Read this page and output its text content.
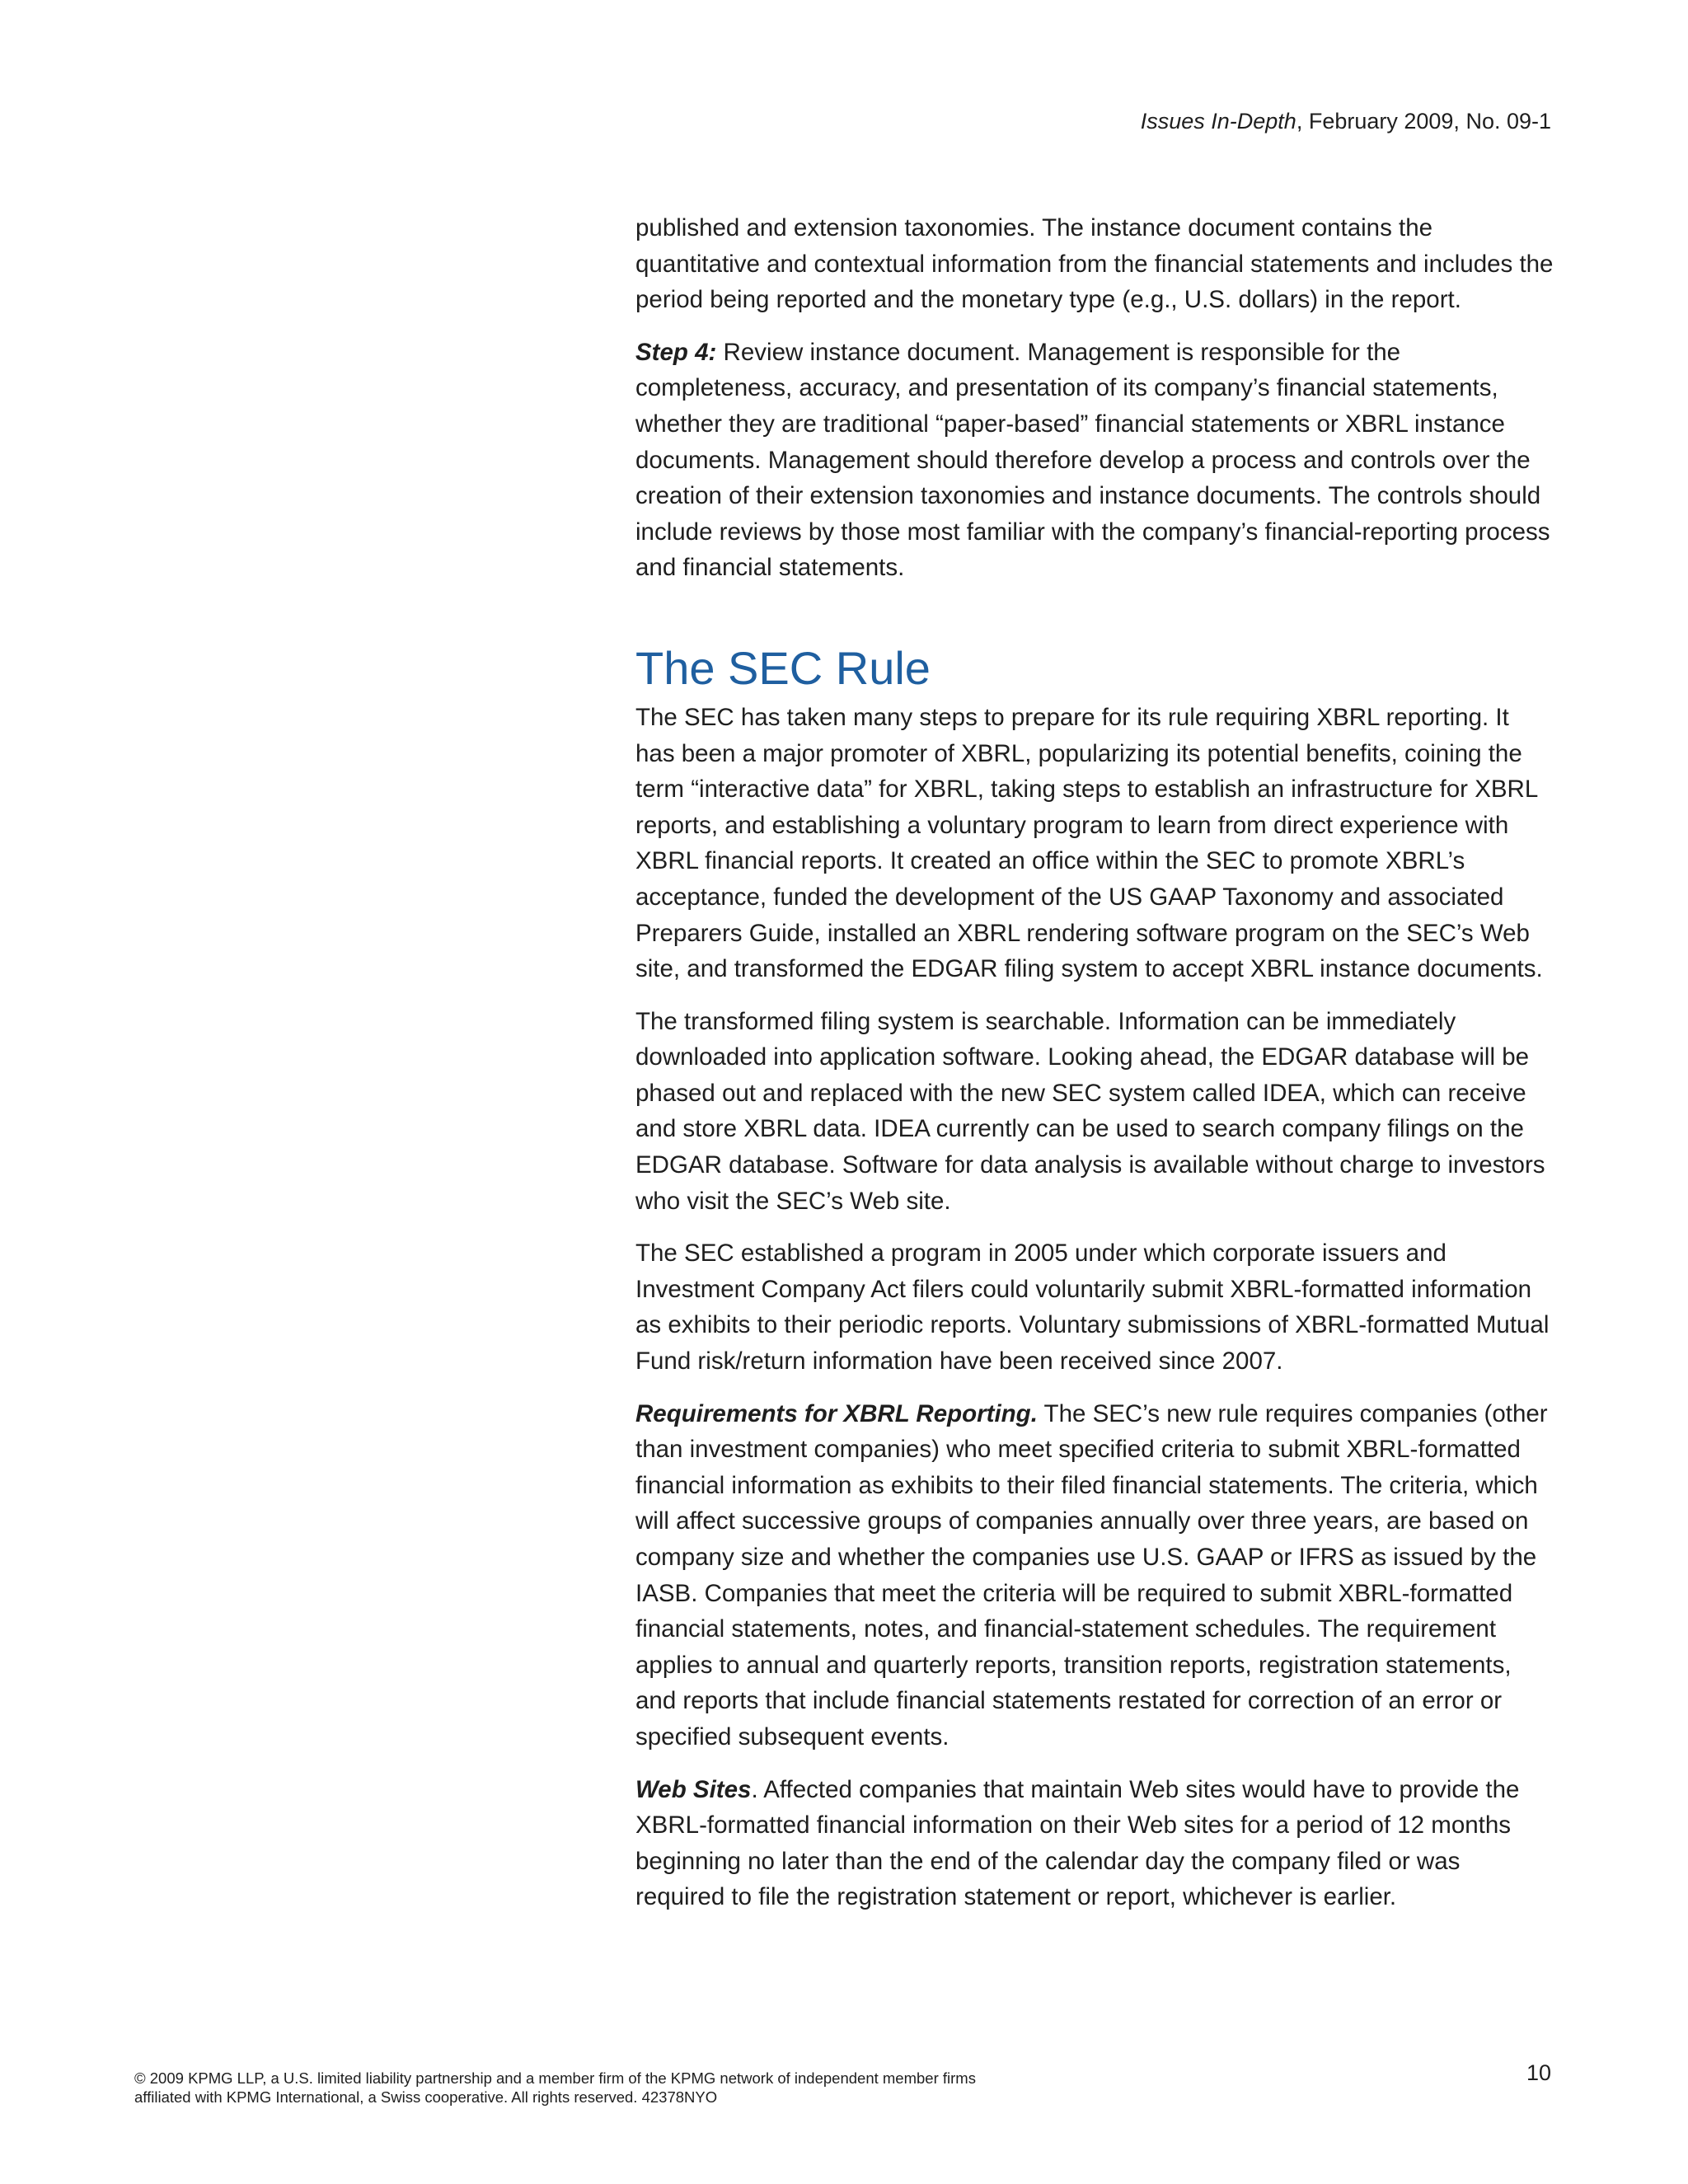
Issues In-Depth, February 2009, No. 09-1

published and extension taxonomies. The instance document contains the quantitative and contextual information from the financial statements and includes the period being reported and the monetary type (e.g., U.S. dollars) in the report.

Step 4: Review instance document. Management is responsible for the completeness, accuracy, and presentation of its company’s financial statements, whether they are traditional “paper-based” financial statements or XBRL instance documents. Management should therefore develop a process and controls over the creation of their extension taxonomies and instance documents. The controls should include reviews by those most familiar with the company’s financial-reporting process and financial statements.

The SEC Rule

The SEC has taken many steps to prepare for its rule requiring XBRL reporting. It has been a major promoter of XBRL, popularizing its potential benefits, coining the term “interactive data” for XBRL, taking steps to establish an infrastructure for XBRL reports, and establishing a voluntary program to learn from direct experience with XBRL financial reports. It created an office within the SEC to promote XBRL’s acceptance, funded the development of the US GAAP Taxonomy and associated Preparers Guide, installed an XBRL rendering software program on the SEC’s Web site, and transformed the EDGAR filing system to accept XBRL instance documents.

The transformed filing system is searchable. Information can be immediately downloaded into application software. Looking ahead, the EDGAR database will be phased out and replaced with the new SEC system called IDEA, which can receive and store XBRL data. IDEA currently can be used to search company filings on the EDGAR database. Software for data analysis is available without charge to investors who visit the SEC’s Web site.

The SEC established a program in 2005 under which corporate issuers and Investment Company Act filers could voluntarily submit XBRL-formatted information as exhibits to their periodic reports. Voluntary submissions of XBRL-formatted Mutual Fund risk/return information have been received since 2007.

Requirements for XBRL Reporting. The SEC’s new rule requires companies (other than investment companies) who meet specified criteria to submit XBRL-formatted financial information as exhibits to their filed financial statements. The criteria, which will affect successive groups of companies annually over three years, are based on company size and whether the companies use U.S. GAAP or IFRS as issued by the IASB. Companies that meet the criteria will be required to submit XBRL-formatted financial statements, notes, and financial-statement schedules. The requirement applies to annual and quarterly reports, transition reports, registration statements, and reports that include financial statements restated for correction of an error or specified subsequent events.

Web Sites. Affected companies that maintain Web sites would have to provide the XBRL-formatted financial information on their Web sites for a period of 12 months beginning no later than the end of the calendar day the company filed or was required to file the registration statement or report, whichever is earlier.

© 2009 KPMG LLP, a U.S. limited liability partnership and a member firm of the KPMG network of independent member firms
affiliated with KPMG International, a Swiss cooperative. All rights reserved. 42378NYO
10
